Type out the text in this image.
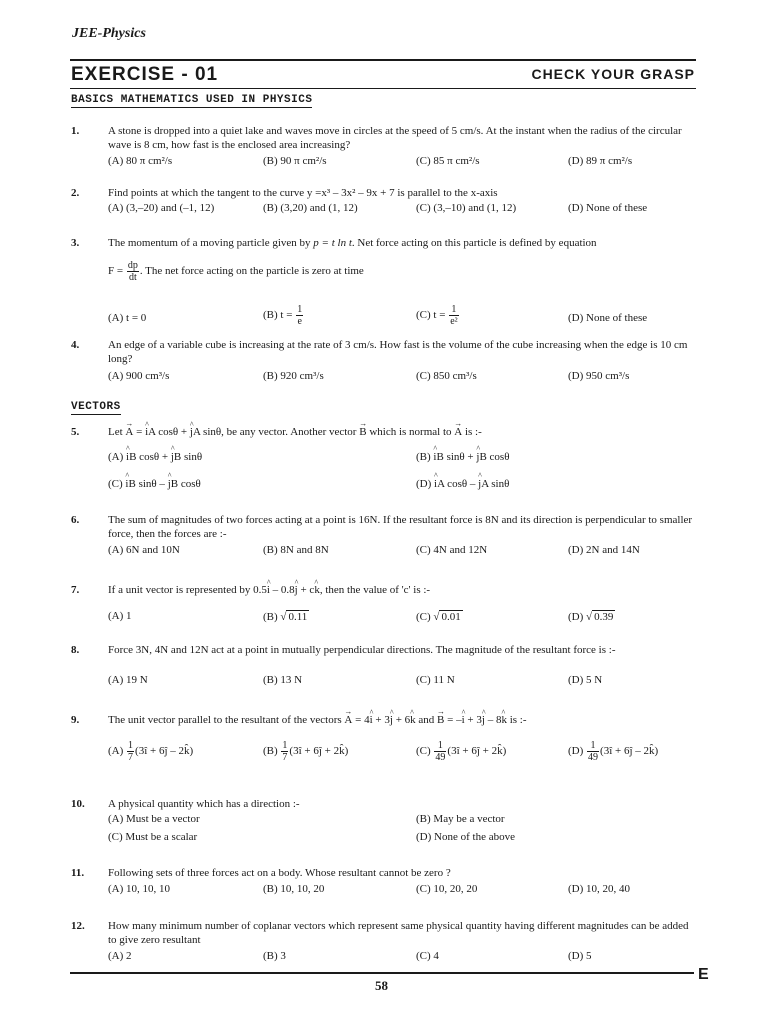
JEE-Physics
EXERCISE - 01	CHECK YOUR GRASP
BASICS MATHEMATICS USED IN PHYSICS
1.	A stone is dropped into a quiet lake and waves move in circles at the speed of 5 cm/s. At the instant when the radius of the circular wave is 8 cm, how fast is the enclosed area increasing?
(A) 80 π cm²/s	(B) 90 π cm²/s	(C) 85 π cm²/s	(D) 89 π cm²/s
2.	Find points at which the tangent to the curve y =x³ – 3x² – 9x + 7 is parallel to the x-axis
(A) (3,–20) and (–1, 12)	(B) (3,20) and (1, 12)	(C) (3,–10) and (1, 12)	(D) None of these
3.	The momentum of a moving particle given by p = t ln t. Net force acting on this particle is defined by equation
$F = \frac{dp}{dt}$ . The net force acting on the particle is zero at time
(A) t = 0	(B) $t = \frac{1}{e}$	(C) $t = \frac{1}{\text{e²}}$	(D) None of these
4.	An edge of a variable cube is increasing at the rate of 3 cm/s. How fast is the volume of the cube increasing when the edge is 10 cm long?
(A) 900 cm³/s	(B) 920 cm³/s	(C) 850 cm³/s	(D) 950 cm³/s
VECTORS
5.	Let → A = ^ iA cosθ + ^ jA sinθ, be any vector. Another vector → B which is normal to → A is :-
(A) ^ iB cosθ + ^ jB sinθ	(B) ^ iB sinθ + ^ jB cosθ
(C) ^ iB sinθ – ^ jB cosθ	(D) ^ iA cosθ – ^ jA sinθ
6.	The sum of magnitudes of two forces acting at a point is 16N. If the resultant force is 8N and its direction is perpendicular to smaller force, then the forces are :-
(A) 6N and 10N	(B) 8N and 8N	(C) 4N and 12N	(D) 2N and 14N
7.	If a unit vector is represented by 0.5^ i – 0.8^ j + c^ k, then the value of 'c' is :-
(A) 1	(B) √ 0.11	(C) √ 0.01	(D) √ 0.39
8.	Force 3N, 4N and 12N act at a point in mutually perpendicular directions. The magnitude of the resultant force is :-
(A) 19 N	(B) 13 N	(C) 11 N	(D) 5 N
9.	The unit vector parallel to the resultant of the vectors → A = 4^ i + 3^ j + 6^ k and → B = –^ i + 3^ j – 8^ k is :-
$(A) \frac{1}{7}$ (3î + 6ĵ – 2k̂)	$(B) \frac{1}{7}$ (3î + 6ĵ + 2k̂)	$(C) \frac{1}{49}$ (3î + 6ĵ + 2k̂)	$(D) \frac{1}{49}$ (3î + 6ĵ – 2k̂)
10.	A physical quantity which has a direction :-
(A) Must be a vector	(B) May be a vector
(C) Must be a scalar	(D) None of the above
11.	Following sets of three forces act on a body. Whose resultant cannot be zero ?
(A) 10, 10, 10	(B) 10, 10, 20	(C) 10, 20, 20	(D) 10, 20, 40
12.	How many minimum number of coplanar vectors which represent same physical quantity having different magnitudes can be added to give zero resultant
(A) 2	(B) 3	(C) 4	(D) 5
58
E
